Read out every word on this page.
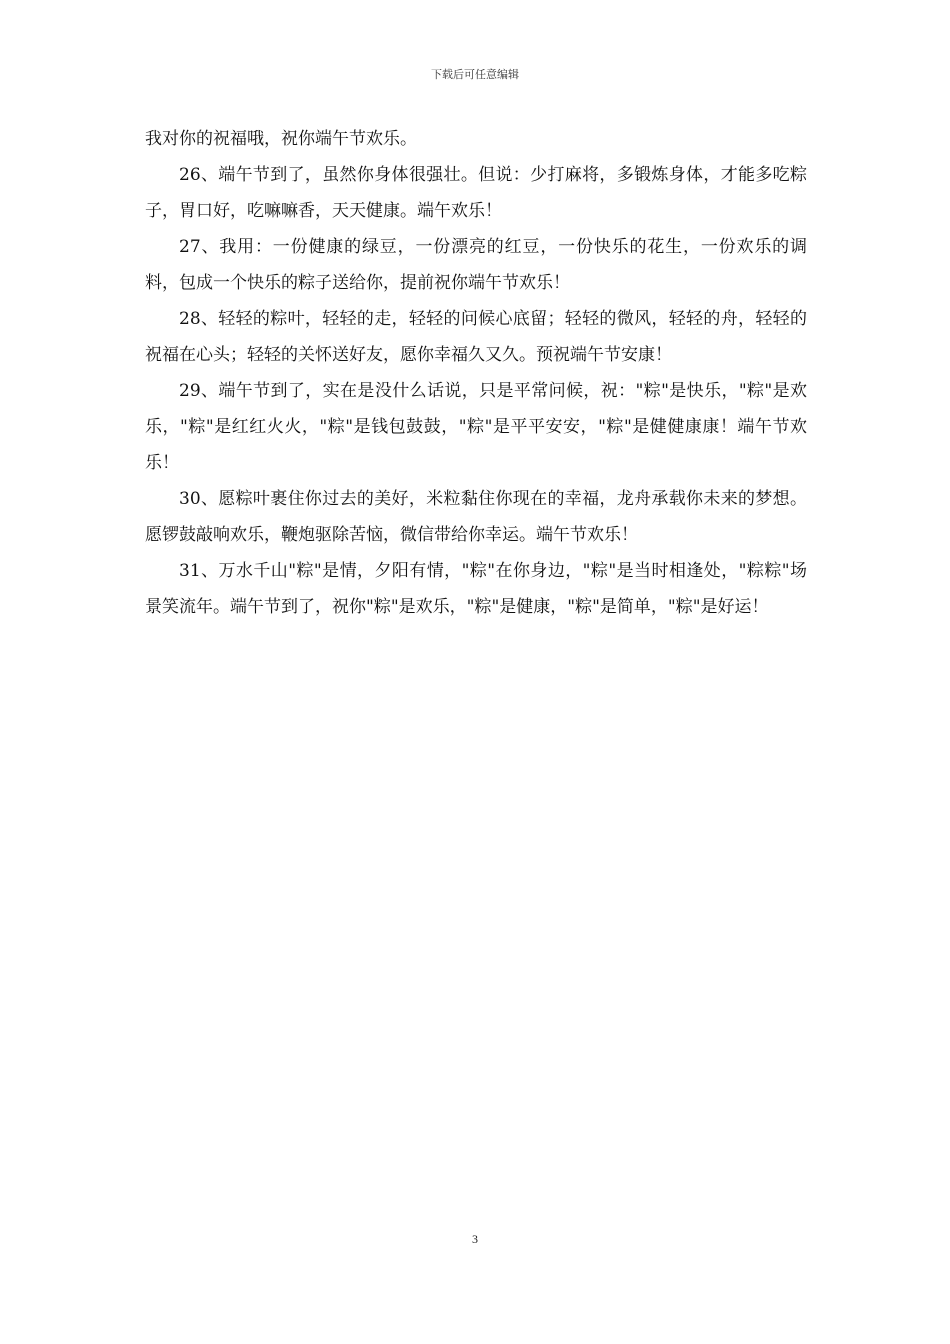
下载后可任意编辑

我对你的祝福哦，祝你端午节欢乐。

26、端午节到了，虽然你身体很强壮。但说：少打麻将，多锻炼身体，才能多吃粽子，胃口好，吃嘛嘛香，天天健康。端午欢乐！

27、我用：一份健康的绿豆，一份漂亮的红豆，一份快乐的花生，一份欢乐的调料，包成一个快乐的粽子送给你，提前祝你端午节欢乐！

28、轻轻的粽叶，轻轻的走，轻轻的问候心底留；轻轻的微风，轻轻的舟，轻轻的祝福在心头；轻轻的关怀送好友，愿你幸福久又久。预祝端午节安康！

29、端午节到了，实在是没什么话说，只是平常问候，祝："粽"是快乐，"粽"是欢乐，"粽"是红红火火，"粽"是钱包鼓鼓，"粽"是平平安安，"粽"是健健康康！端午节欢乐！

30、愿粽叶裹住你过去的美好，米粒黏住你现在的幸福，龙舟承载你未来的梦想。愿锣鼓敲响欢乐，鞭炮驱除苦恼，微信带给你幸运。端午节欢乐！

31、万水千山"粽"是情，夕阳有情，"粽"在你身边，"粽"是当时相逢处，"粽粽"场景笑流年。端午节到了，祝你"粽"是欢乐，"粽"是健康，"粽"是简单，"粽"是好运！

3
